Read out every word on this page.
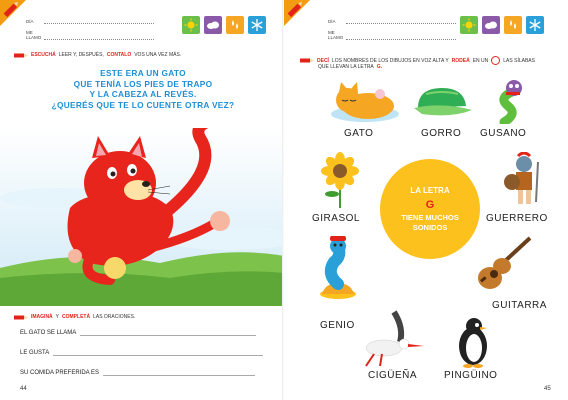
DÍA
ME LLAMO
ESCUCHÁ LEER Y, DESPUÉS, CONTALO VOS UNA VEZ MÁS.
ESTE ERA UN GATO
QUE TENÍA LOS PIES DE TRAPO
Y LA CABEZA AL REVÉS.
¿QUERÉS QUE TE LO CUENTE OTRA VEZ?
IMAGINÁ Y COMPLETÁ LAS ORACIONES.
EL GATO SE LLAMA
LE GUSTA
SU COMIDA PREFERIDA ES
44
DÍA
ME LLAMO
DECÍ LOS NOMBRES DE LOS DIBUJOS EN VOZ ALTA Y RODEÁ EN UN	LAS SÍLABAS
QUE LLEVAN LA LETRA G.
GATO	GORRO GUSANO
GIRASOL
LA LETRA
G
TIENE MUCHOS
SONIDOS
GUERRERO
GENIO
GUITARRA
CIGÜEÑA	PINGÜINO
45
